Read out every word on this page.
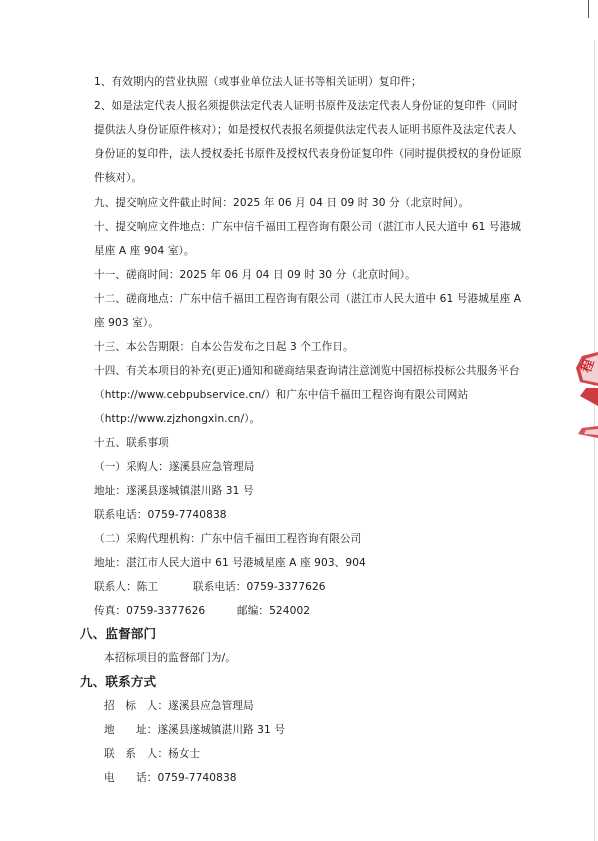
1、有效期内的营业执照（或事业单位法人证书等相关证明）复印件；
2、如是法定代表人报名须提供法定代表人证明书原件及法定代表人身份证的复印件（同时
提供法人身份证原件核对）；如是授权代表报名须提供法定代表人证明书原件及法定代表人
身份证的复印件，法人授权委托书原件及授权代表身份证复印件（同时提供授权的身份证原
件核对）。
九、提交响应文件截止时间：2025 年 06 月 04 日 09 时 30 分（北京时间）。
十、提交响应文件地点：广东中信千福田工程咨询有限公司（湛江市人民大道中 61 号港城
星座 A 座 904 室）。
十一、磋商时间：2025 年 06 月 04 日 09 时 30 分（北京时间）。
十二、磋商地点：广东中信千福田工程咨询有限公司（湛江市人民大道中 61 号港城星座 A
座 903 室）。
十三、本公告期限：自本公告发布之日起 3 个工作日。
十四、有关本项目的补充(更正)通知和磋商结果查询请注意浏览中国招标投标公共服务平台
（http://www.cebpubservice.cn/）和广东中信千福田工程咨询有限公司网站
（http://www.zjzhongxin.cn/）。
十五、联系事项
（一）采购人：遂溪县应急管理局
地址：遂溪县遂城镇湛川路 31 号
联系电话：0759-7740838
（二）采购代理机构：广东中信千福田工程咨询有限公司
地址：湛江市人民大道中 61 号港城星座 A 座 903、904
联系人：陈工	联系电话：0759-3377626
传真：0759-3377626	邮编：524002
八、监督部门
本招标项目的监督部门为/。
九、联系方式
招　标　人：遂溪县应急管理局
地　　址：遂溪县遂城镇湛川路 31 号
联　系　人：杨女士
电　　话：0759-7740838
程
